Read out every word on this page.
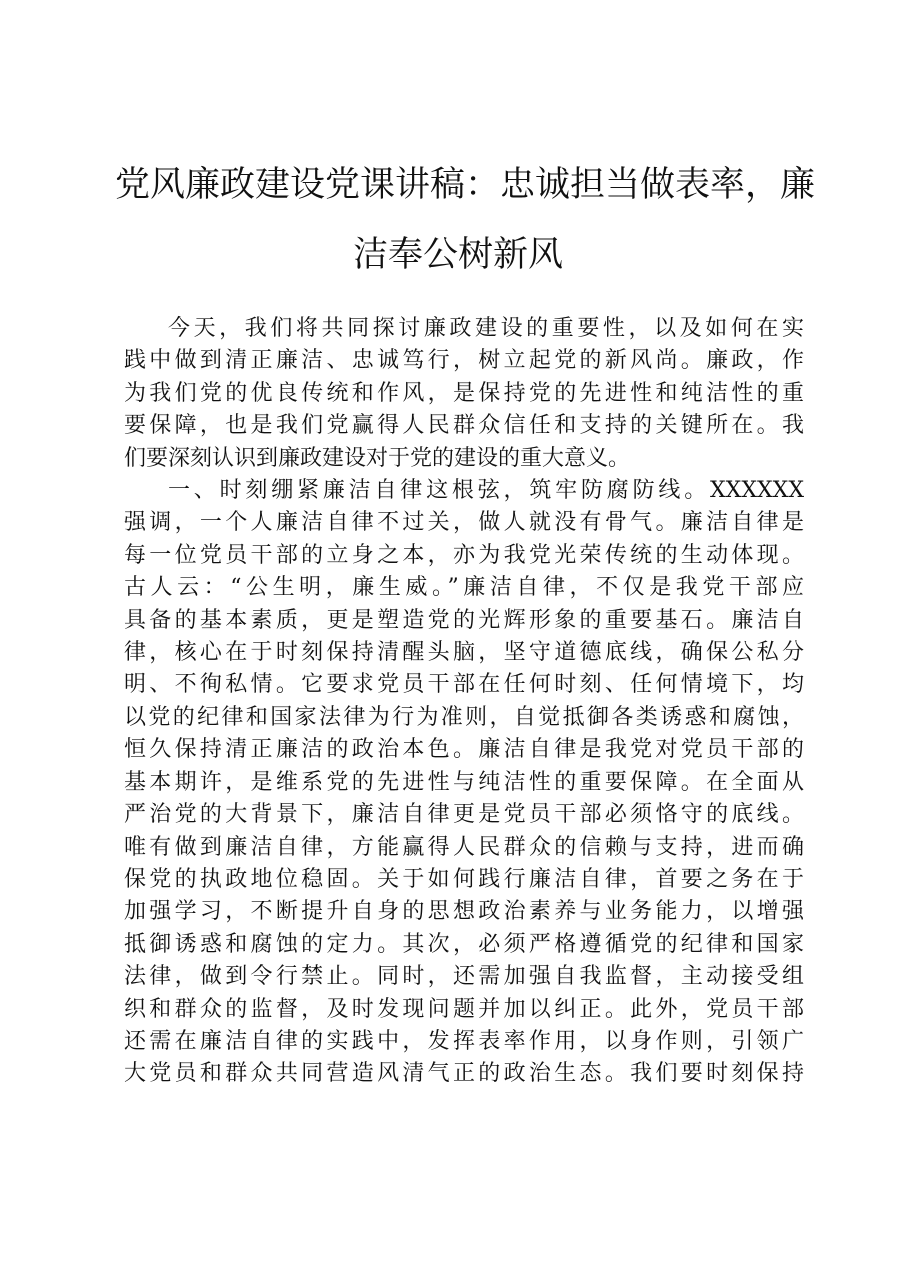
党风廉政建设党课讲稿：忠诚担当做表率，廉
洁奉公树新风
今天，我们将共同探讨廉政建设的重要性，以及如何在实
践中做到清正廉洁、忠诚笃行，树立起党的新风尚。廉政，作
为我们党的优良传统和作风，是保持党的先进性和纯洁性的重
要保障，也是我们党赢得人民群众信任和支持的关键所在。我
们要深刻认识到廉政建设对于党的建设的重大意义。
一、时刻绷紧廉洁自律这根弦，筑牢防腐防线。XXXXXX
强调，一个人廉洁自律不过关，做人就没有骨气。廉洁自律是
每一位党员干部的立身之本，亦为我党光荣传统的生动体现。
古人云：“公生明，廉生威。”廉洁自律，不仅是我党干部应
具备的基本素质，更是塑造党的光辉形象的重要基石。廉洁自
律，核心在于时刻保持清醒头脑，坚守道德底线，确保公私分
明、不徇私情。它要求党员干部在任何时刻、任何情境下，均
以党的纪律和国家法律为行为准则，自觉抵御各类诱惑和腐蚀，
恒久保持清正廉洁的政治本色。廉洁自律是我党对党员干部的
基本期许，是维系党的先进性与纯洁性的重要保障。在全面从
严治党的大背景下，廉洁自律更是党员干部必须恪守的底线。
唯有做到廉洁自律，方能赢得人民群众的信赖与支持，进而确
保党的执政地位稳固。关于如何践行廉洁自律，首要之务在于
加强学习，不断提升自身的思想政治素养与业务能力，以增强
抵御诱惑和腐蚀的定力。其次，必须严格遵循党的纪律和国家
法律，做到令行禁止。同时，还需加强自我监督，主动接受组
织和群众的监督，及时发现问题并加以纠正。此外，党员干部
还需在廉洁自律的实践中，发挥表率作用，以身作则，引领广
大党员和群众共同营造风清气正的政治生态。我们要时刻保持
